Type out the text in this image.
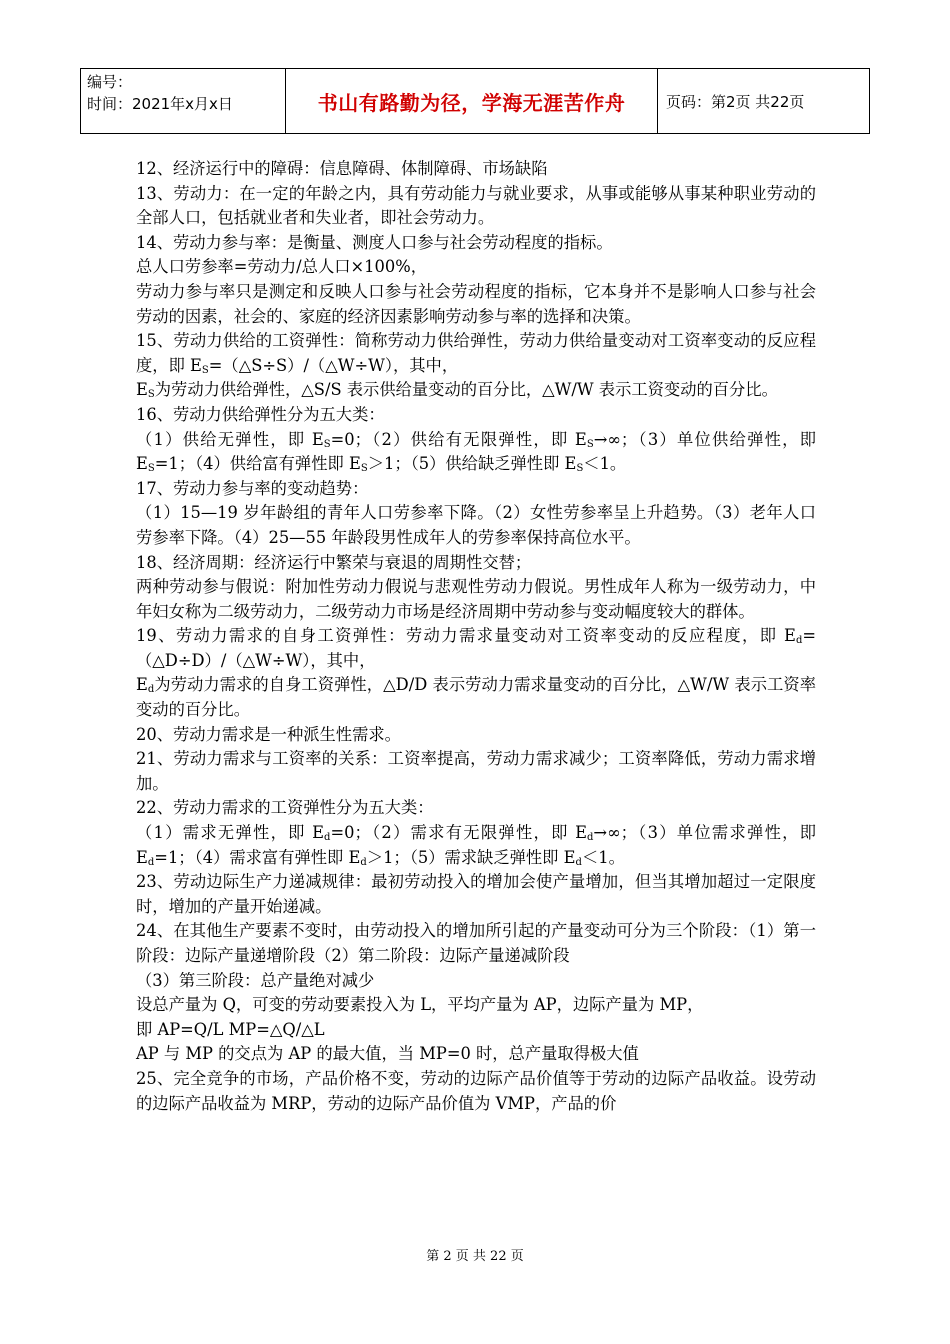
编号：
时间：2021年x月x日	书山有路勤为径，学海无涯苦作舟	页码：第2页 共22页

12、经济运行中的障碍：信息障碍、体制障碍、市场缺陷

13、劳动力：在一定的年龄之内，具有劳动能力与就业要求，从事或能够从事某种职业劳动的全部人口，包括就业者和失业者，即社会劳动力。

14、劳动力参与率：是衡量、测度人口参与社会劳动程度的指标。

总人口劳参率=劳动力/总人口×100%，

劳动力参与率只是测定和反映人口参与社会劳动程度的指标，它本身并不是影响人口参与社会劳动的因素，社会的、家庭的经济因素影响劳动参与率的选择和决策。

15、劳动力供给的工资弹性：简称劳动力供给弹性，劳动力供给量变动对工资率变动的反应程度，即 $E_S=(\triangle S\div S)/(\triangle W\div W)$，其中，

$E_S$为劳动力供给弹性，△S/S 表示供给量变动的百分比，△W/W 表示工资变动的百分比。

16、劳动力供给弹性分为五大类：

（1）供给无弹性，即 $E_S=0$；（2）供给有无限弹性，即 $E_S\to\infty$；（3）单位供给弹性，即 $E_S=1$；（4）供给富有弹性即 $E_S>1$；（5）供给缺乏弹性即 $E_S<1$。

17、劳动力参与率的变动趋势：

（1）15—19 岁年龄组的青年人口劳参率下降。（2）女性劳参率呈上升趋势。（3）老年人口劳参率下降。（4）25—55 年龄段男性成年人的劳参率保持高位水平。

18、经济周期：经济运行中繁荣与衰退的周期性交替；

两种劳动参与假说：附加性劳动力假说与悲观性劳动力假说。男性成年人称为一级劳动力，中年妇女称为二级劳动力，二级劳动力市场是经济周期中劳动参与变动幅度较大的群体。

19、劳动力需求的自身工资弹性：劳动力需求量变动对工资率变动的反应程度，即 $E_d=(\triangle D\div D)/(\triangle W\div W)$，其中，

$E_d$为劳动力需求的自身工资弹性，△D/D 表示劳动力需求量变动的百分比，△W/W 表示工资率变动的百分比。

20、劳动力需求是一种派生性需求。

21、劳动力需求与工资率的关系：工资率提高，劳动力需求减少；工资率降低，劳动力需求增加。

22、劳动力需求的工资弹性分为五大类：

（1）需求无弹性，即 $E_d=0$；（2）需求有无限弹性，即 $E_d\to\infty$；（3）单位需求弹性，即 $E_d=1$；（4）需求富有弹性即 $E_d>1$；（5）需求缺乏弹性即 $E_d<1$。

23、劳动边际生产力递减规律：最初劳动投入的增加会使产量增加，但当其增加超过一定限度时，增加的产量开始递减。

24、在其他生产要素不变时，由劳动投入的增加所引起的产量变动可分为三个阶段：（1）第一阶段：边际产量递增阶段（2）第二阶段：边际产量递减阶段

（3）第三阶段：总产量绝对减少

设总产量为 Q，可变的劳动要素投入为 L，平均产量为 AP，边际产量为 MP，

即 AP=Q/L MP=△Q/△L

AP 与 MP 的交点为 AP 的最大值，当 MP=0 时，总产量取得极大值

25、完全竞争的市场，产品价格不变，劳动的边际产品价值等于劳动的边际产品收益。设劳动的边际产品收益为 MRP，劳动的边际产品价值为 VMP，产品的价

第 2 页 共 22 页
